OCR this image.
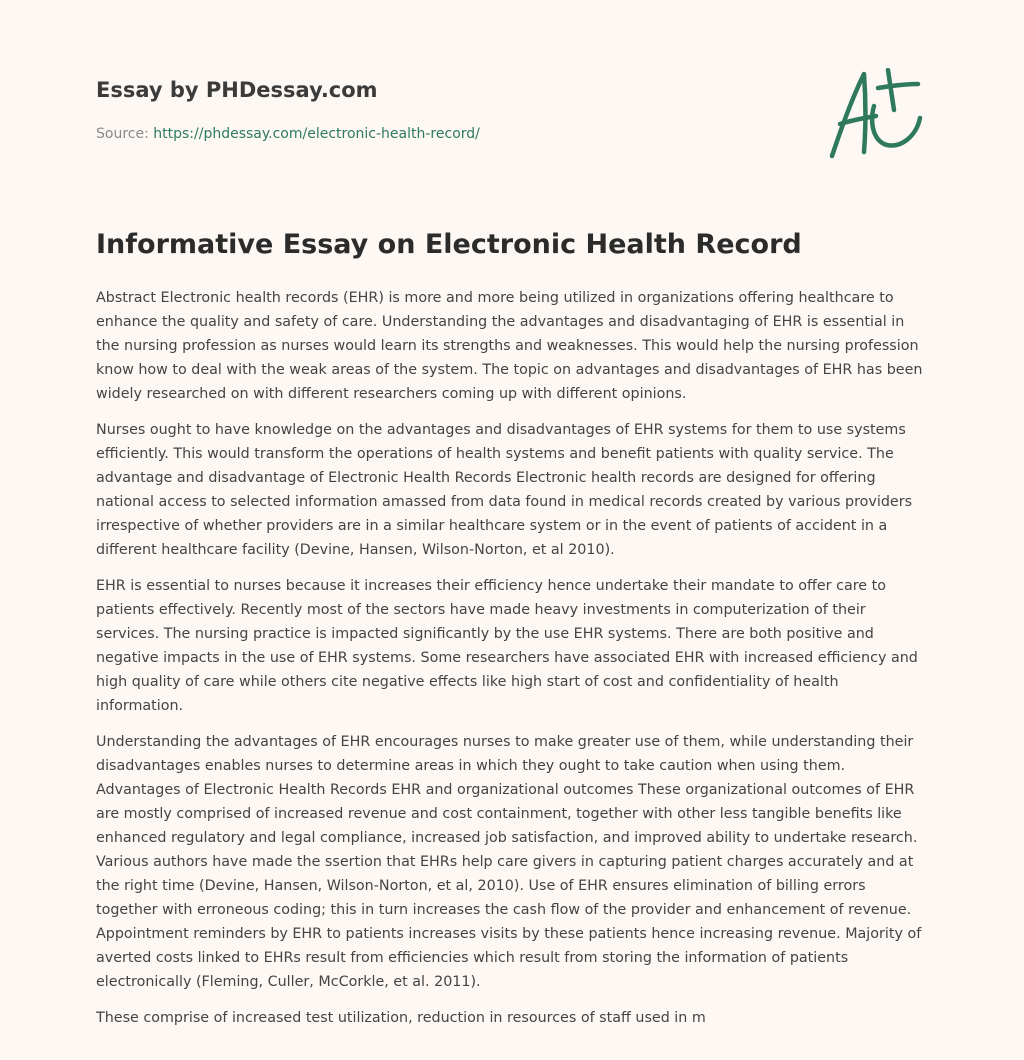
Essay by PHDessay.com
Source: https://phdessay.com/electronic-health-record/
Informative Essay on Electronic Health Record

Abstract Electronic health records (EHR) is more and more being utilized in organizations offering healthcare to enhance the quality and safety of care. Understanding the advantages and disadvantaging of EHR is essential in the nursing profession as nurses would learn its strengths and weaknesses. This would help the nursing profession know how to deal with the weak areas of the system. The topic on advantages and disadvantages of EHR has been widely researched on with different researchers coming up with different opinions.

Nurses ought to have knowledge on the advantages and disadvantages of EHR systems for them to use systems efficiently. This would transform the operations of health systems and benefit patients with quality service. The advantage and disadvantage of Electronic Health Records Electronic health records are designed for offering national access to selected information amassed from data found in medical records created by various providers irrespective of whether providers are in a similar healthcare system or in the event of patients of accident in a different healthcare facility (Devine, Hansen, Wilson-Norton, et al 2010).

EHR is essential to nurses because it increases their efficiency hence undertake their mandate to offer care to patients effectively. Recently most of the sectors have made heavy investments in computerization of their services. The nursing practice is impacted significantly by the use EHR systems. There are both positive and negative impacts in the use of EHR systems. Some researchers have associated EHR with increased efficiency and high quality of care while others cite negative effects like high start of cost and confidentiality of health information.

Understanding the advantages of EHR encourages nurses to make greater use of them, while understanding their disadvantages enables nurses to determine areas in which they ought to take caution when using them. Advantages of Electronic Health Records EHR and organizational outcomes These organizational outcomes of EHR are mostly comprised of increased revenue and cost containment, together with other less tangible benefits like enhanced regulatory and legal compliance, increased job satisfaction, and improved ability to undertake research. Various authors have made the ssertion that EHRs help care givers in capturing patient charges accurately and at the right time (Devine, Hansen, Wilson-Norton, et al, 2010). Use of EHR ensures elimination of billing errors together with erroneous coding; this in turn increases the cash flow of the provider and enhancement of revenue. Appointment reminders by EHR to patients increases visits by these patients hence increasing revenue. Majority of averted costs linked to EHRs result from efficiencies which result from storing the information of patients electronically (Fleming, Culler, McCorkle, et al. 2011).

These comprise of increased test utilization, reduction in resources of staff used in m
